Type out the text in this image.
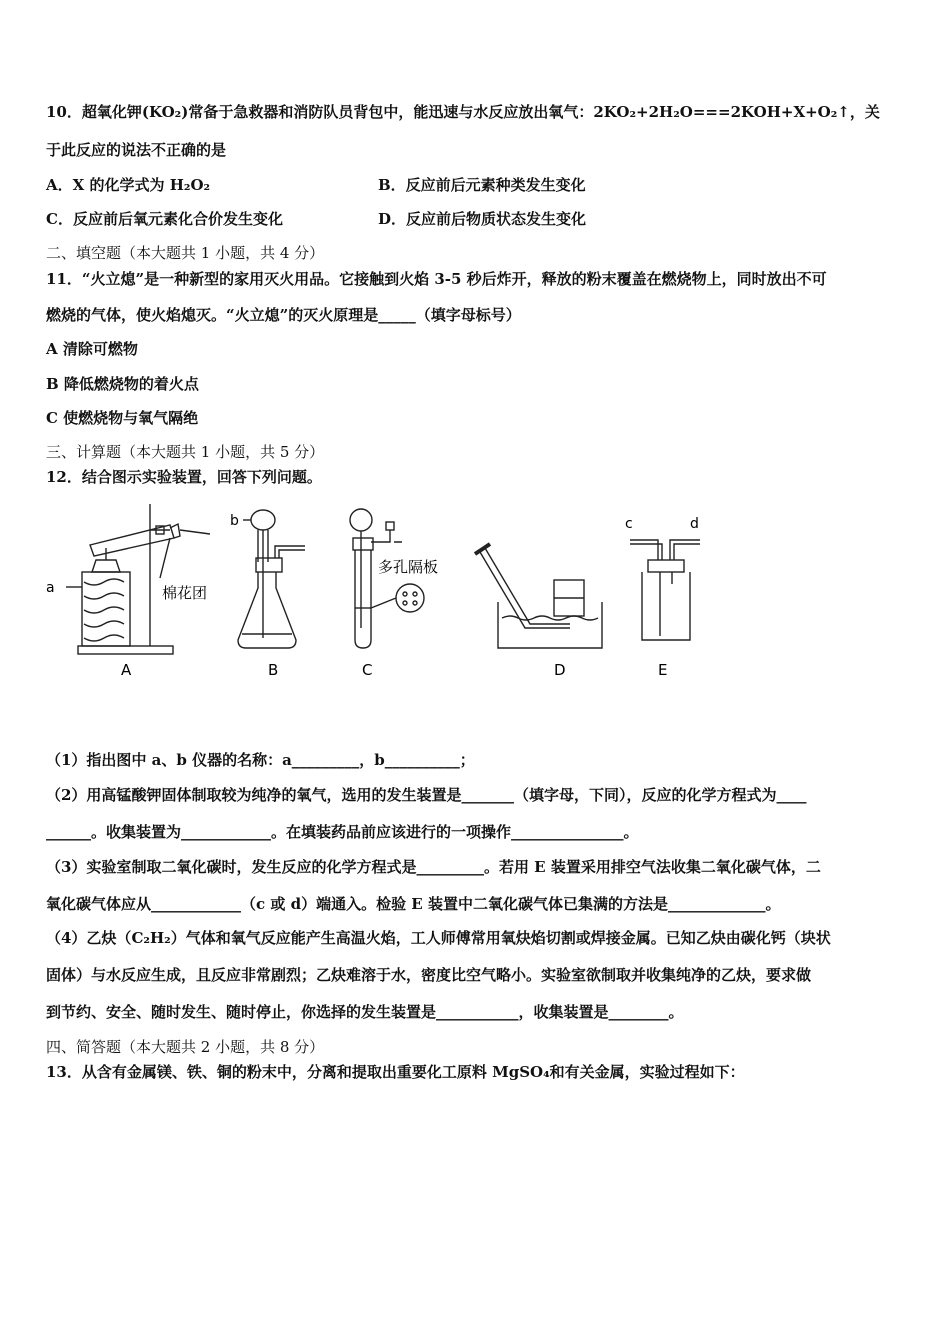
10．超氧化钾(KO₂)常备于急救器和消防队员背包中，能迅速与水反应放出氧气：2KO₂+2H₂O===2KOH+X+O₂↑，关
于此反应的说法不正确的是
A．X 的化学式为 H₂O₂	B．反应前后元素种类发生变化
C．反应前后氧元素化合价发生变化	D．反应前后物质状态发生变化
二、填空题（本大题共 1 小题，共 4 分）
11．“火立熄”是一种新型的家用灭火用品。它接触到火焰 3-5 秒后炸开，释放的粉末覆盖在燃烧物上，同时放出不可
燃烧的气体，使火焰熄灭。“火立熄”的灭火原理是_____（填字母标号）
A 清除可燃物
B 降低燃烧物的着火点
C 使燃烧物与氧气隔绝
三、计算题（本大题共 1 小题，共 5 分）
12．结合图示实验装置，回答下列问题。
a
b	c	d
棉花团
多孔隔板
A	B	C	D	E
（1）指出图中 a、b 仪器的名称：a_________，b__________；
（2）用高锰酸钾固体制取较为纯净的氧气，选用的发生装置是_______（填字母，下同），反应的化学方程式为____
______。收集装置为____________。在填装药品前应该进行的一项操作_______________。
（3）实验室制取二氧化碳时，发生反应的化学方程式是_________。若用 E 装置采用排空气法收集二氧化碳气体，二
氧化碳气体应从____________（c 或 d）端通入。检验 E 装置中二氧化碳气体已集满的方法是_____________。
（4）乙炔（C₂H₂）气体和氧气反应能产生高温火焰，工人师傅常用氧炔焰切割或焊接金属。已知乙炔由碳化钙（块状
固体）与水反应生成，且反应非常剧烈；乙炔难溶于水，密度比空气略小。实验室欲制取并收集纯净的乙炔，要求做
到节约、安全、随时发生、随时停止，你选择的发生装置是___________，收集装置是________。
四、简答题（本大题共 2 小题，共 8 分）
13．从含有金属镁、铁、铜的粉末中，分离和提取出重要化工原料 MgSO₄和有关金属，实验过程如下：
